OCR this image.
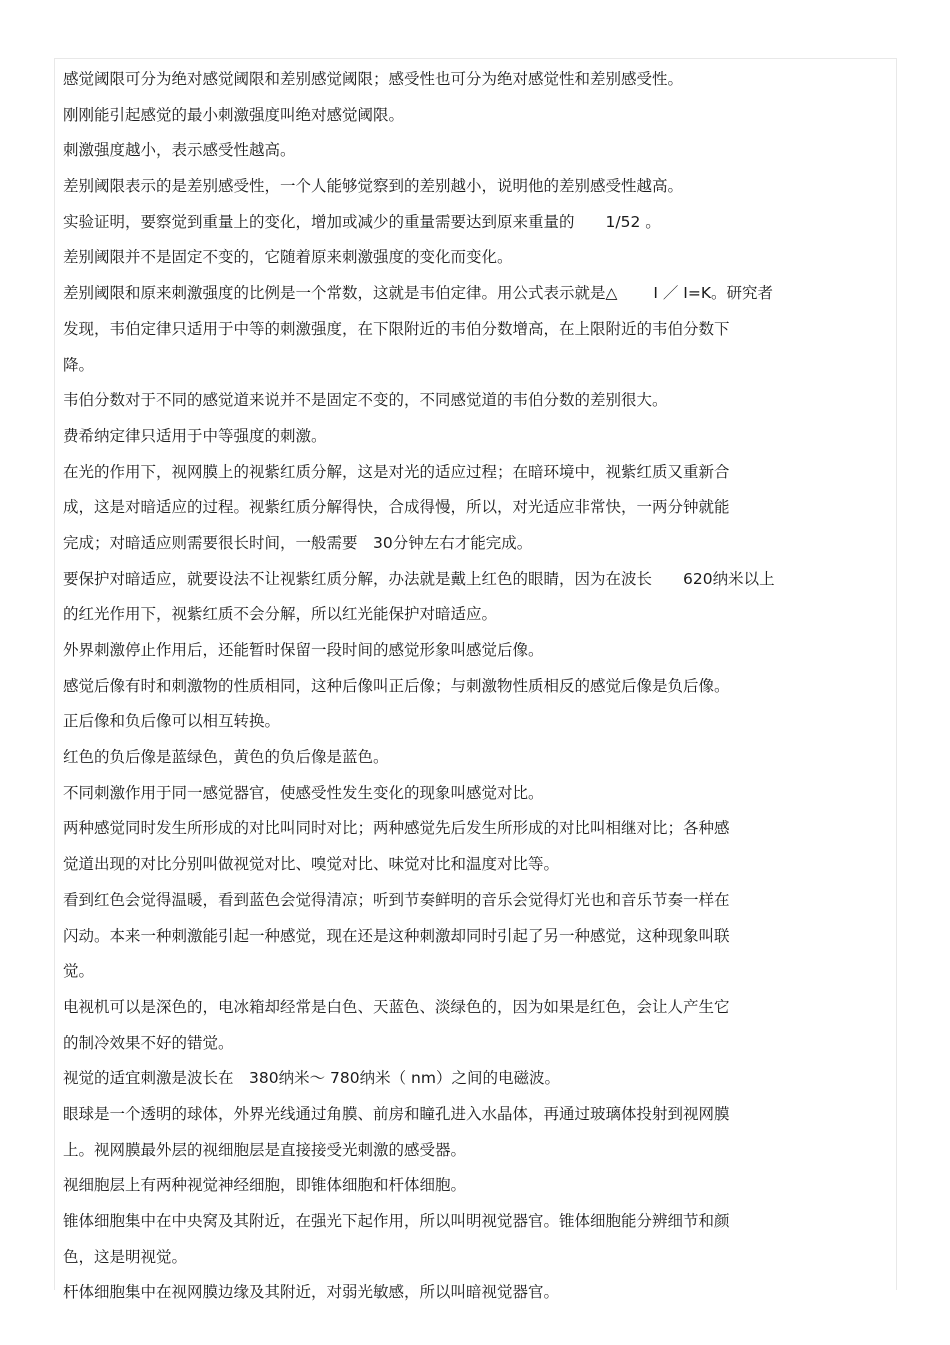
感觉阈限可分为绝对感觉阈限和差别感觉阈限；感受性也可分为绝对感觉性和差别感受性。
刚刚能引起感觉的最小刺激强度叫绝对感觉阈限。
刺激强度越小，表示感受性越高。
差别阈限表示的是差别感受性，一个人能够觉察到的差别越小，说明他的差别感受性越高。
实验证明，要察觉到重量上的变化，增加或减少的重量需要达到原来重量的　　1/52 。
差别阈限并不是固定不变的，它随着原来刺激强度的变化而变化。
差别阈限和原来刺激强度的比例是一个常数，这就是韦伯定律。用公式表示就是△　　 I ／ I=K。研究者
发现，韦伯定律只适用于中等的刺激强度，在下限附近的韦伯分数增高，在上限附近的韦伯分数下
降。
韦伯分数对于不同的感觉道来说并不是固定不变的，不同感觉道的韦伯分数的差别很大。
费希纳定律只适用于中等强度的刺激。
在光的作用下，视网膜上的视紫红质分解，这是对光的适应过程；在暗环境中，视紫红质又重新合
成，这是对暗适应的过程。视紫红质分解得快，合成得慢，所以，对光适应非常快，一两分钟就能
完成；对暗适应则需要很长时间，一般需要　30分钟左右才能完成。
要保护对暗适应，就要设法不让视紫红质分解，办法就是戴上红色的眼睛，因为在波长　　620纳米以上
的红光作用下，视紫红质不会分解，所以红光能保护对暗适应。
外界刺激停止作用后，还能暂时保留一段时间的感觉形象叫感觉后像。
感觉后像有时和刺激物的性质相同，这种后像叫正后像；与刺激物性质相反的感觉后像是负后像。
正后像和负后像可以相互转换。
红色的负后像是蓝绿色，黄色的负后像是蓝色。
不同刺激作用于同一感觉器官，使感受性发生变化的现象叫感觉对比。
两种感觉同时发生所形成的对比叫同时对比；两种感觉先后发生所形成的对比叫相继对比；各种感
觉道出现的对比分别叫做视觉对比、嗅觉对比、味觉对比和温度对比等。
看到红色会觉得温暖，看到蓝色会觉得清凉；听到节奏鲜明的音乐会觉得灯光也和音乐节奏一样在
闪动。本来一种刺激能引起一种感觉，现在还是这种刺激却同时引起了另一种感觉，这种现象叫联
觉。
电视机可以是深色的，电冰箱却经常是白色、天蓝色、淡绿色的，因为如果是红色，会让人产生它
的制冷效果不好的错觉。
视觉的适宜刺激是波长在　380纳米～ 780纳米（ nm）之间的电磁波。
眼球是一个透明的球体，外界光线通过角膜、前房和瞳孔进入水晶体，再通过玻璃体投射到视网膜
上。视网膜最外层的视细胞层是直接接受光刺激的感受器。
视细胞层上有两种视觉神经细胞，即锥体细胞和杆体细胞。
锥体细胞集中在中央窝及其附近，在强光下起作用，所以叫明视觉器官。锥体细胞能分辨细节和颜
色，这是明视觉。
杆体细胞集中在视网膜边缘及其附近，对弱光敏感，所以叫暗视觉器官。
